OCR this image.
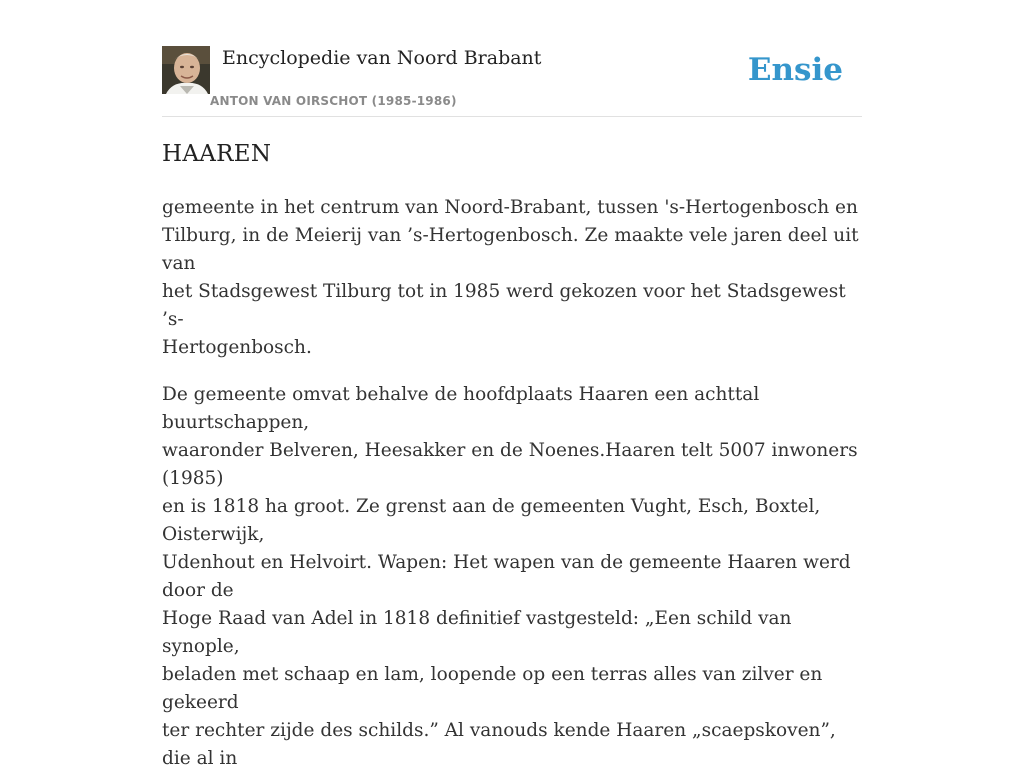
Encyclopedie van Noord Brabant
ANTON VAN OIRSCHOT (1985-1986)
Ensie
HAAREN

gemeente in het centrum van Noord-Brabant, tussen 's-Hertogenbosch en
Tilburg, in de Meierij van ’s-Hertogenbosch. Ze maakte vele jaren deel uit van
het Stadsgewest Tilburg tot in 1985 werd gekozen voor het Stadsgewest ’s-
Hertogenbosch.

De gemeente omvat behalve de hoofdplaats Haaren een achttal buurtschappen,
waaronder Belveren, Heesakker en de Noenes.Haaren telt 5007 inwoners (1985)
en is 1818 ha groot. Ze grenst aan de gemeenten Vught, Esch, Boxtel, Oisterwijk,
Udenhout en Helvoirt. Wapen: Het wapen van de gemeente Haaren werd door de
Hoge Raad van Adel in 1818 definitief vastgesteld: „Een schild van synople,
beladen met schaap en lam, loopende op een terras alles van zilver en gekeerd
ter rechter zijde des schilds.” Al vanouds kende Haaren „scaepskoven”, die al in
